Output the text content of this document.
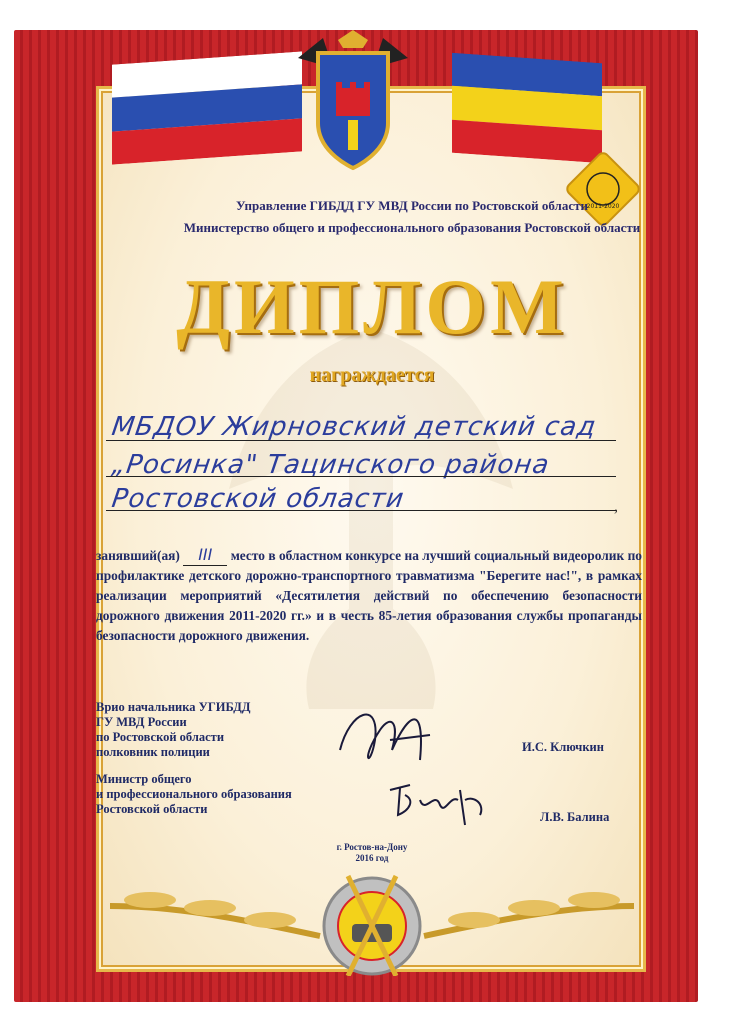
2011-2020
Управление ГИБДД ГУ МВД России по Ростовской области
Министерство общего и профессионального образования Ростовской области
ДИПЛОМ
награждается
МБДОУ Жирновский детский сад
„Росинка" Тацинского района
Ростовской области	,
занявший(ая) III место в областном конкурсе на лучший социальный видеоролик по профилактике детского дорожно-транспортного травматизма "Берегите нас!", в рамках реализации мероприятий «Десятилетия действий по обеспечению безопасности дорожного движения 2011-2020 гг.» и в честь 85-летия образования службы пропаганды безопасности дорожного движения.
Врио начальника УГИБДД
ГУ МВД России
по Ростовской области
полковник полиции	И.С. Ключкин
Министр общего
и профессионального образования
Ростовской области
Л.В. Балина
г. Ростов-на-Дону
2016 год
